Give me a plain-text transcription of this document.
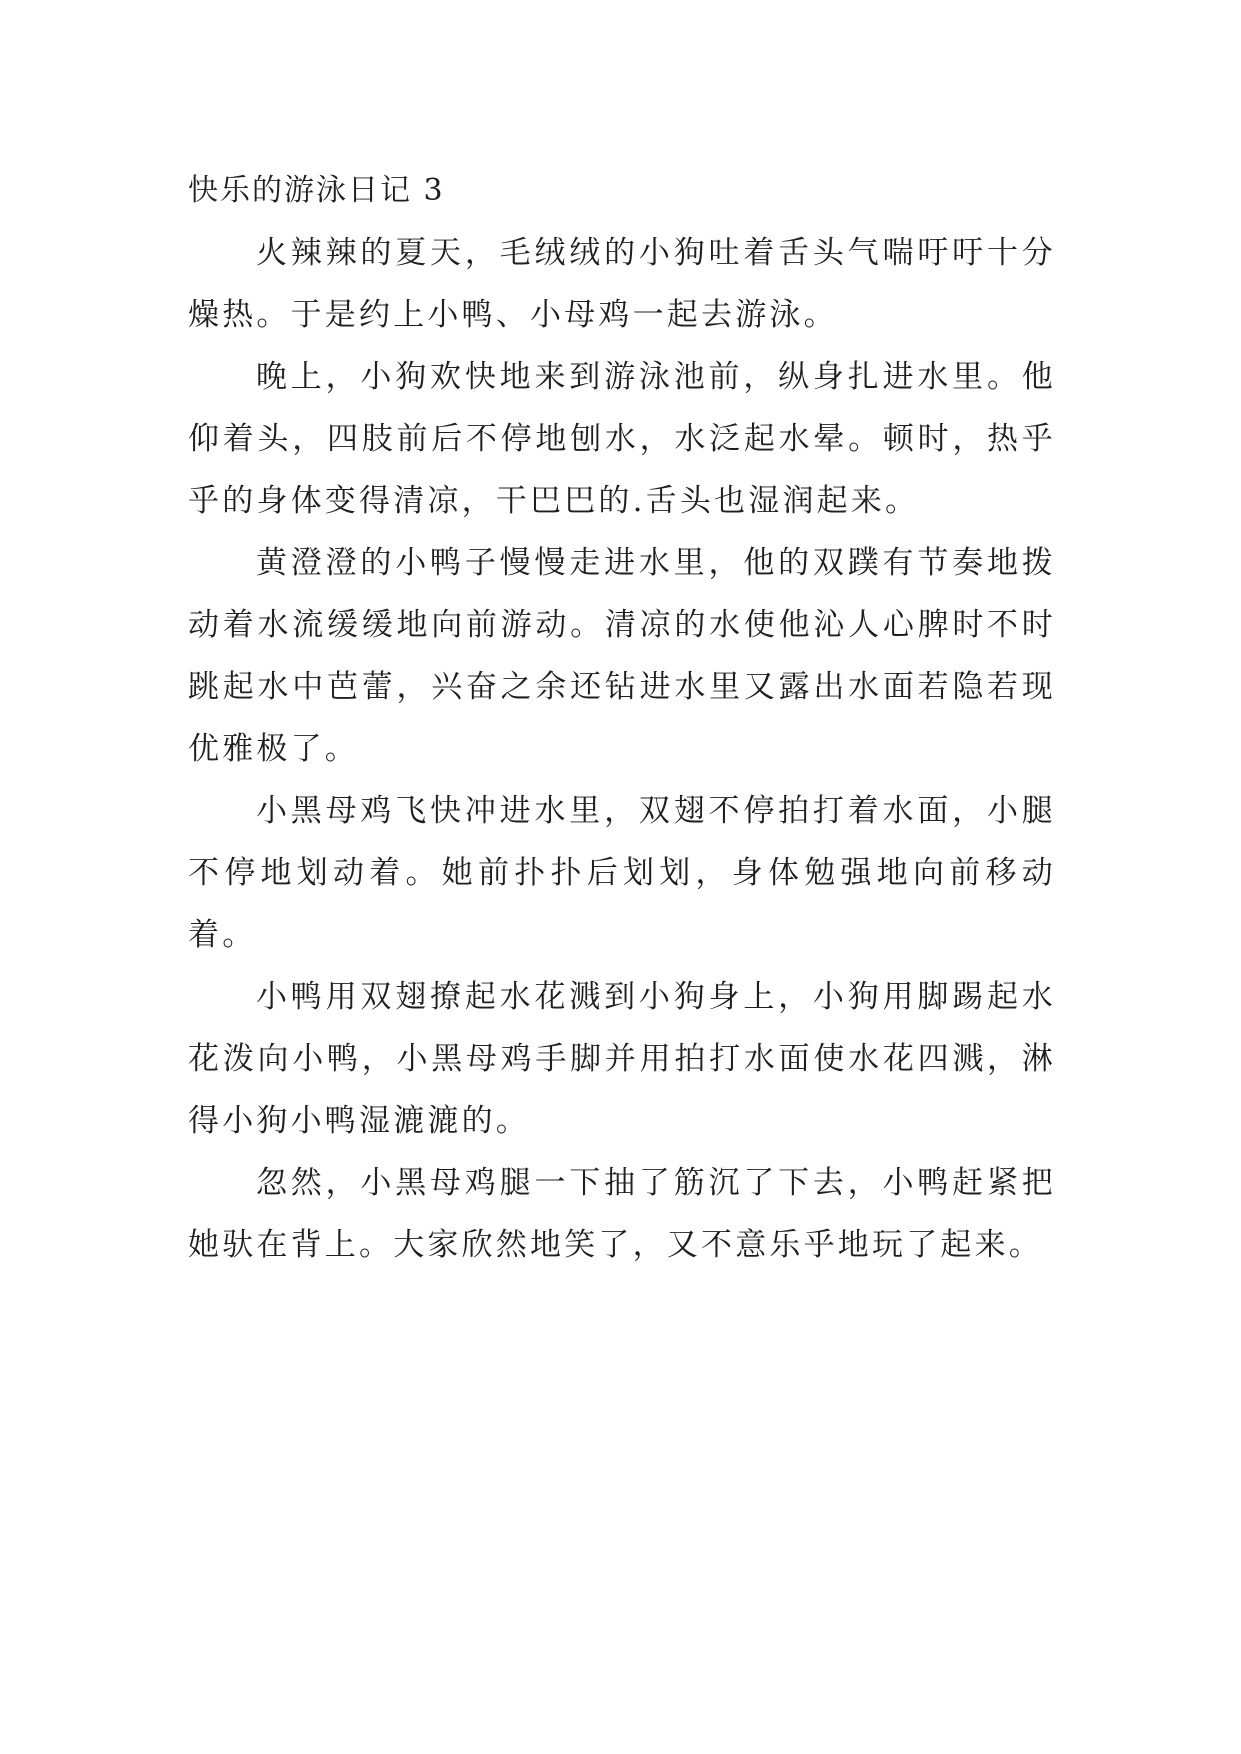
快乐的游泳日记 3

火辣辣的夏天，毛绒绒的小狗吐着舌头气喘吁吁十分燥热。于是约上小鸭、小母鸡一起去游泳。

晚上，小狗欢快地来到游泳池前，纵身扎进水里。他仰着头，四肢前后不停地刨水，水泛起水晕。顿时，热乎乎的身体变得清凉，干巴巴的.舌头也湿润起来。

黄澄澄的小鸭子慢慢走进水里，他的双蹼有节奏地拨动着水流缓缓地向前游动。清凉的水使他沁人心脾时不时跳起水中芭蕾，兴奋之余还钻进水里又露出水面若隐若现优雅极了。

小黑母鸡飞快冲进水里，双翅不停拍打着水面，小腿不停地划动着。她前扑扑后划划，身体勉强地向前移动着。

小鸭用双翅撩起水花溅到小狗身上，小狗用脚踢起水花泼向小鸭，小黑母鸡手脚并用拍打水面使水花四溅，淋得小狗小鸭湿漉漉的。

忽然，小黑母鸡腿一下抽了筋沉了下去，小鸭赶紧把她驮在背上。大家欣然地笑了，又不意乐乎地玩了起来。
